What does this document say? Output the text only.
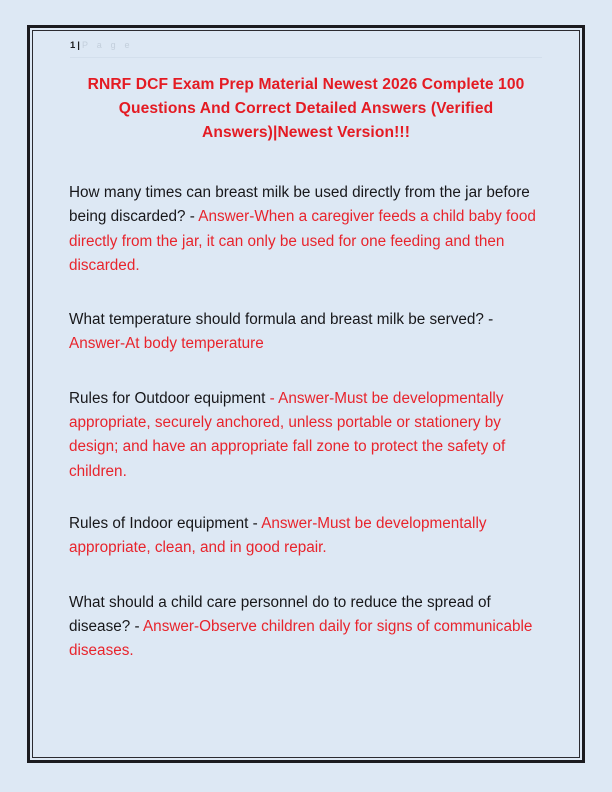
1 | P a g e
RNRF DCF Exam Prep Material Newest 2026 Complete 100 Questions And Correct Detailed Answers (Verified Answers)|Newest Version!!!

How many times can breast milk be used directly from the jar before being discarded? - Answer-When a caregiver feeds a child baby food directly from the jar, it can only be used for one feeding and then discarded.

What temperature should formula and breast milk be served? - Answer-At body temperature

Rules for Outdoor equipment - Answer-Must be developmentally appropriate, securely anchored, unless portable or stationery by design; and have an appropriate fall zone to protect the safety of children.

Rules of Indoor equipment - Answer-Must be developmentally appropriate, clean, and in good repair.

What should a child care personnel do to reduce the spread of disease? - Answer-Observe children daily for signs of communicable diseases.
